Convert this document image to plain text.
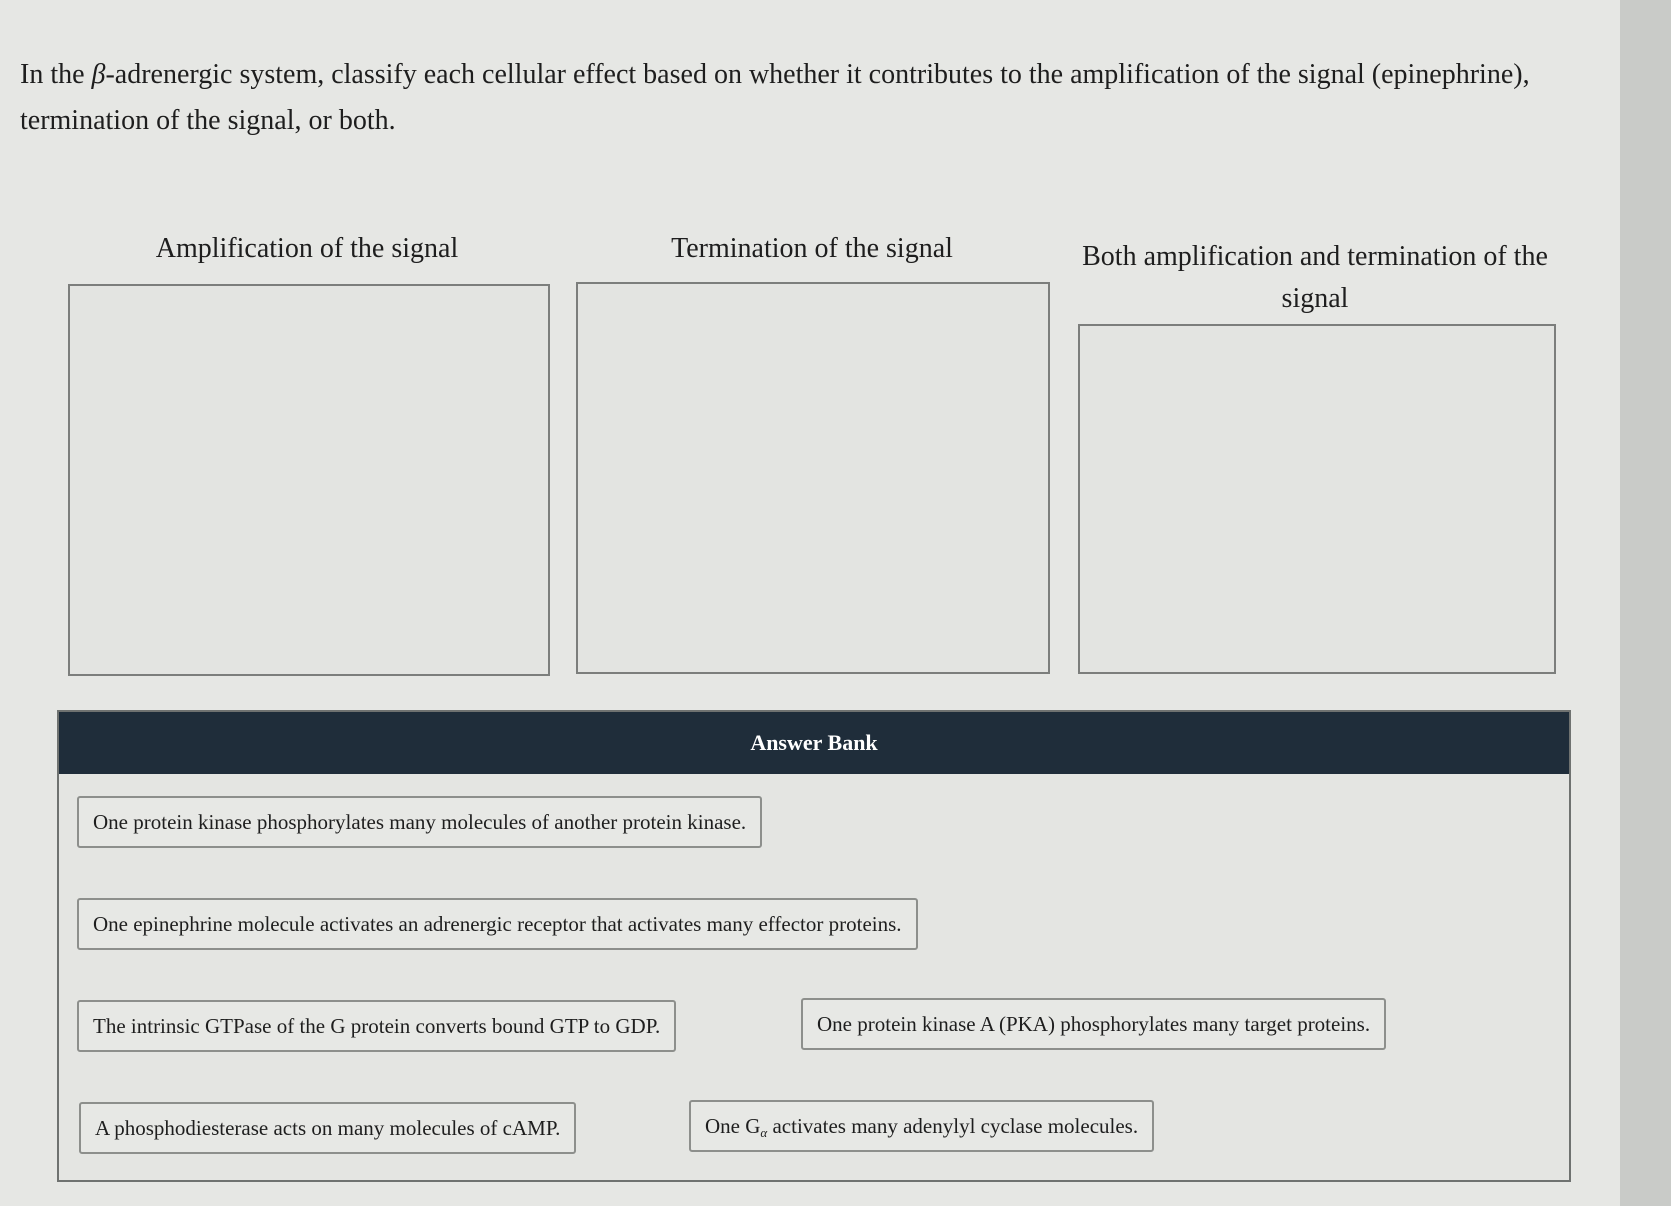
In the β-adrenergic system, classify each cellular effect based on whether it contributes to the amplification of the signal (epinephrine), termination of the signal, or both.

Amplification of the signal	Termination of the signal	Both amplification and termination of the signal
Answer Bank
One protein kinase phosphorylates many molecules of another protein kinase.
One epinephrine molecule activates an adrenergic receptor that activates many effector proteins.
The intrinsic GTPase of the G protein converts bound GTP to GDP.	One protein kinase A (PKA) phosphorylates many target proteins.
A phosphodiesterase acts on many molecules of cAMP.	One $G_\alpha$ activates many adenylyl cyclase molecules.
